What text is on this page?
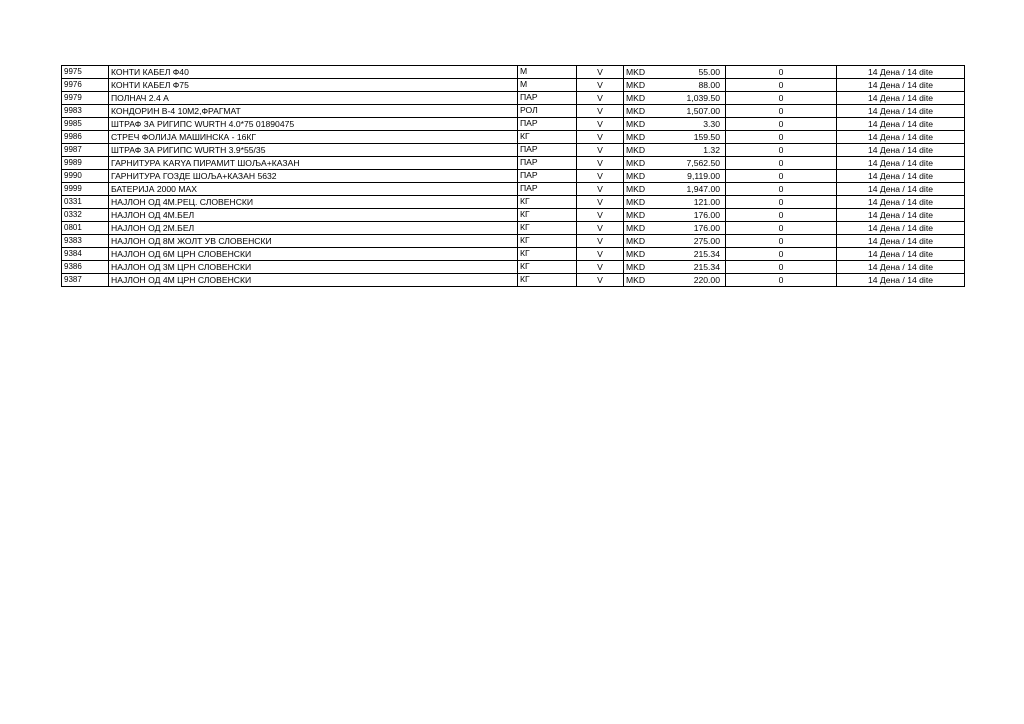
9975	КОНТИ КАБЕЛ Ф40	М	V	MKD	55.00	0	14 Дена / 14 dite
9976	КОНТИ КАБЕЛ Ф75	М	V	MKD	88.00	0	14 Дена / 14 dite
9979	ПОЛНАЧ 2.4 А	ПАР	V	MKD	1,039.50	0	14 Дена / 14 dite
9983	КОНДОРИН В-4 10М2,ФРАГМАТ	РОЛ	V	MKD	1,507.00	0	14 Дена / 14 dite
9985	ШТРАФ ЗА РИГИПС WURTH 4.0*75 01890475	ПАР	V	MKD	3.30	0	14 Дена / 14 dite
9986	СТРЕЧ ФОЛИЈА МАШИНСКА - 16КГ	КГ	V	MKD	159.50	0	14 Дена / 14 dite
9987	ШТРАФ ЗА РИГИПС WURTH 3.9*55/35	ПАР	V	MKD	1.32	0	14 Дена / 14 dite
9989	ГАРНИТУРА KARYA ПИРАМИТ ШОЉА+КАЗАН	ПАР	V	MKD	7,562.50	0	14 Дена / 14 dite
9990	ГАРНИТУРА ГОЗДЕ ШОЉА+КАЗАН 5632	ПАР	V	MKD	9,119.00	0	14 Дена / 14 dite
9999	БАТЕРИЈА 2000 MAX	ПАР	V	MKD	1,947.00	0	14 Дена / 14 dite
0331	НАЈЛОН ОД 4М.РЕЦ. СЛОВЕНСКИ	КГ	V	MKD	121.00	0	14 Дена / 14 dite
0332	НАЈЛОН ОД 4М.БЕЛ	КГ	V	MKD	176.00	0	14 Дена / 14 dite
0801	НАЈЛОН ОД 2М.БЕЛ	КГ	V	MKD	176.00	0	14 Дена / 14 dite
9383	НАЈЛОН ОД 8М ЖОЛТ УВ СЛОВЕНСКИ	КГ	V	MKD	275.00	0	14 Дена / 14 dite
9384	НАЈЛОН ОД 6М ЦРН СЛОВЕНСКИ	КГ	V	MKD	215.34	0	14 Дена / 14 dite
9386	НАЈЛОН ОД 3М ЦРН СЛОВЕНСКИ	КГ	V	MKD	215.34	0	14 Дена / 14 dite
9387	НАЈЛОН ОД 4М ЦРН СЛОВЕНСКИ	КГ	V	MKD	220.00	0	14 Дена / 14 dite
